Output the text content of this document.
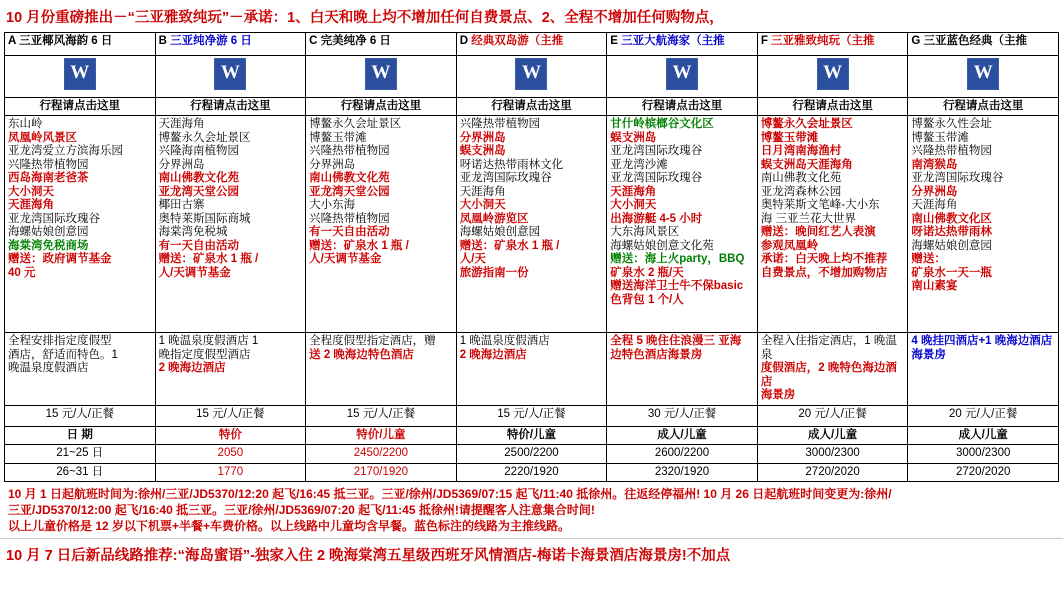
10 月份重磅推出－“三亚雅致纯玩”－承诺：1、白天和晚上均不增加任何自费景点、2、全程不增加任何购物点，
A 三亚椰风海韵 6 日	B 三亚纯净游 6 日	C 完美纯净 6 日	D 经典双岛游（主推	E 三亚大航海家（主推	F 三亚雅致纯玩（主推	G 三亚蓝色经典（主推

W	W	W	W	W	W	W

行程请点击这里	行程请点击这里	行程请点击这里	行程请点击这里	行程请点击这里	行程请点击这里	行程请点击这里

东山岭
凤凰岭风景区
亚龙湾爱立方滨海乐园
兴隆热带植物园
西岛海南老爸茶
大小洞天
天涯海角
亚龙湾国际玫瑰谷
海螺姑娘创意园
海棠湾免税商场
赠送：政府调节基金
40 元

天涯海角
博鳌永久会址景区
兴隆海南植物园
分界洲岛
南山佛教文化苑
亚龙湾天堂公园
椰田古寨
奥特莱斯国际商城
海棠湾免税城
有一天自由活动
赠送：矿泉水 1 瓶 /
人/天调节基金

博鳌永久会址景区
博鳌玉带滩
兴隆热带植物园
分界洲岛
南山佛教文化苑
亚龙湾天堂公园
大小东海
兴隆热带植物园
有一天自由活动
赠送：矿泉水 1 瓶 /
人/天调节基金

兴隆热带植物园
分界洲岛
蜈支洲岛
呀诺达热带雨林文化
亚龙湾国际玫瑰谷
天涯海角
大小洞天
凤凰岭游览区
海螺姑娘创意园
赠送：矿泉水 1 瓶 /
人/天
旅游指南一份

甘什岭槟榔谷文化区
蜈支洲岛
亚龙湾国际玫瑰谷
亚龙湾沙滩
亚龙湾国际玫瑰谷
天涯海角
大小洞天
出海游艇 4-5 小时
大东海风景区
海螺姑娘创意文化苑
赠送：海上火party，BBQ
矿泉水 2 瓶/天
赠送海洋卫士牛不保basic
色背包 1 个/人

博鳌永久会址景区
博鳌玉带滩
日月湾南海渔村
蜈支洲岛天涯海角
南山佛教文化苑
亚龙湾森林公园
奥特莱斯文笔峰-大小东
海 三亚兰花大世界
赠送：晚间红艺人表演
参观凤凰岭
承诺：白天晚上均不推荐
自费景点，不增加购物店

博鳌永久性会址
博鳌玉带滩
兴隆热带植物园
南湾猴岛
亚龙湾国际玫瑰谷
分界洲岛
天涯海角
南山佛教文化区
呀诺达热带雨林
海螺姑娘创意园
赠送：
矿泉水一天一瓶
南山素宴

全程安排指定度假型
酒店，舒适而特色。1
晚温泉度假酒店

1 晚温泉度假酒店 1
晚指定度假型酒店
2 晚海边酒店

全程度假型指定酒店，赠
送 2 晚海边特色酒店

1 晚温泉度假酒店
2 晚海边酒店

全程 5 晚住住浪漫三 亚海
边特色酒店海景房

全程入住指定酒店，1 晚温泉
度假酒店，2 晚特色海边酒店
海景房

4 晚挂四酒店+1 晚海边酒店
海景房

15 元/人/正餐	15 元/人/正餐	15 元/人/正餐	15 元/人/正餐	30 元/人/正餐	20 元/人/正餐	20 元/人/正餐
日 期	特价	特价/儿童	特价/儿童	成人/儿童	成人/儿童	成人/儿童
21~25 日	2050	2450/2200	2500/2200	2600/2200	3000/2300	3000/2300
26~31 日	1770	2170/1920	2220/1920	2320/1920	2720/2020	2720/2020
10 月 1 日起航班时间为:徐州/三亚/JD5370/12:20 起飞/16:45 抵三亚。三亚/徐州/JD5369/07:15 起飞/11:40 抵徐州。往返经停福州! 10 月 26 日起航班时间变更为:徐州/
三亚/JD5370/12:00 起飞/16:40 抵三亚。三亚/徐州/JD5369/07:20 起飞/11:45 抵徐州!请提醒客人注意集合时间!
以上儿童价格是 12 岁以下机票+半餐+车费价格。以上线路中儿童均含早餐。蓝色标注的线路为主推线路。
10 月 7 日后新品线路推荐:“海岛蜜语”-独家入住 2 晚海棠湾五星级西班牙风情酒店-梅诺卡海景酒店海景房!不加点
